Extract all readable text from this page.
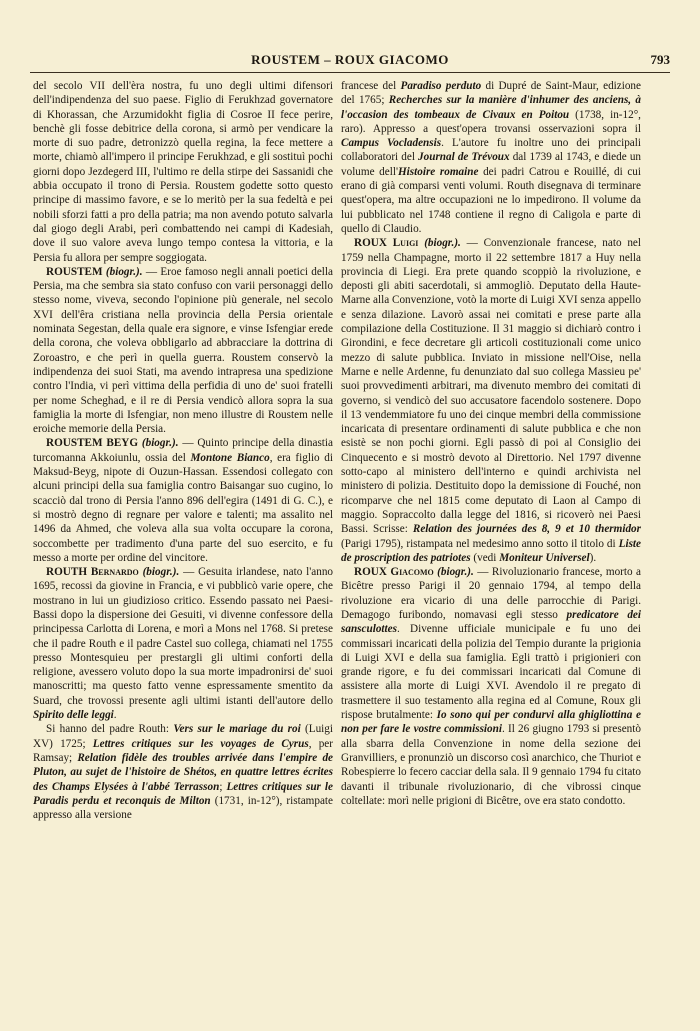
ROUSTEM – ROUX GIACOMO	793

del secolo VII dell'èra nostra, fu uno degli ultimi difensori dell'indipendenza del suo paese. Figlio di Ferukhzad governatore di Khorassan, che Arzumidokht figlia di Cosroe II fece perire, benchè gli fosse debitrice della corona, si armò per vendicare la morte di suo padre, detronizzò quella regina, la fece mettere a morte, chiamò all'impero il principe Ferukhzad, e gli sostituì pochi giorni dopo Jezdegerd III, l'ultimo re della stirpe dei Sassanidi che abbia occupato il trono di Persia. Roustem godette sotto questo principe di massimo favore, e se lo meritò per la sua fedeltà e pei nobili sforzi fatti a pro della patria; ma non avendo potuto salvarla dal giogo degli Arabi, perì combattendo nei campi di Kadesiah, dove il suo valore aveva lungo tempo contesa la vittoria, e la Persia fu allora per sempre soggiogata.

ROUSTEM (biogr.). — Eroe famoso negli annali poetici della Persia, ma che sembra sia stato confuso con varii personaggi dello stesso nome, viveva, secondo l'opinione più generale, nel secolo XVI dell'êra cristiana nella provincia della Persia orientale nominata Segestan, della quale era signore, e vinse Isfengiar erede della corona, che voleva obbligarlo ad abbracciare la dottrina di Zoroastro, e che perì in quella guerra. Roustem conservò la indipendenza dei suoi Stati, ma avendo intrapresa una spedizione contro l'India, vi perì vittima della perfidia di uno de' suoi fratelli per nome Scheghad, e il re di Persia vendicò allora sopra la sua famiglia la morte di Isfengiar, non meno illustre di Roustem nelle eroiche memorie della Persia.

ROUSTEM BEYG (biogr.). — Quinto principe della dinastia turcomanna Akkoiunlu, ossia del Montone Bianco, era figlio di Maksud-Beyg, nipote di Ouzun-Hassan. Essendosi collegato con alcuni principi della sua famiglia contro Baisangar suo cugino, lo scacciò dal trono di Persia l'anno 896 dell'egira (1491 di G. C.), e si mostrò degno di regnare per valore e talenti; ma assalito nel 1496 da Ahmed, che voleva alla sua volta occupare la corona, soccombette per tradimento d'una parte del suo esercito, e fu messo a morte per ordine del vincitore.

ROUTH Bernardo (biogr.). — Gesuita irlandese, nato l'anno 1695, recossi da giovine in Francia, e vi pubblicò varie opere, che mostrano in lui un giudizioso critico. Essendo passato nei Paesi-Bassi dopo la dispersione dei Gesuiti, vi divenne confessore della principessa Carlotta di Lorena, e morì a Mons nel 1768. Si pretese che il padre Routh e il padre Castel suo collega, chiamati nel 1755 presso Montesquieu per prestargli gli ultimi conforti della religione, avessero voluto dopo la sua morte impadronirsi de' suoi manoscritti; ma questo fatto venne espressamente smentito da Suard, che trovossi presente agli ultimi istanti dell'autore dello Spirito delle leggi.

Si hanno del padre Routh: Vers sur le mariage du roi (Luigi XV) 1725; Lettres critiques sur les voyages de Cyrus, per Ramsay; Relation fidèle des troubles arrivée dans l'empire de Pluton, au sujet de l'histoire de Shétos, en quattre lettres écrites des Champs Elysées à l'abbé Terrasson; Lettres critiques sur le Paradis perdu et reconquis de Milton (1731, in-12°), ristampate appresso alla versione

francese del Paradiso perduto di Dupré de Saint-Maur, edizione del 1765; Recherches sur la manière d'inhumer des anciens, à l'occasion des tombeaux de Civaux en Poitou (1738, in-12°, raro). Appresso a quest'opera trovansi osservazioni sopra il Campus Vocladensis. L'autore fu inoltre uno dei principali collaboratori del Journal de Trévoux dal 1739 al 1743, e diede un volume dell'Histoire romaine dei padri Catrou e Rouillé, di cui erano di già comparsi venti volumi. Routh disegnava di terminare quest'opera, ma altre occupazioni ne lo impedirono. Il volume da lui pubblicato nel 1748 contiene il regno di Caligola e parte di quello di Claudio.

ROUX Luigi (biogr.). — Convenzionale francese, nato nel 1759 nella Champagne, morto il 22 settembre 1817 a Huy nella provincia di Liegi. Era prete quando scoppiò la rivoluzione, e deposti gli abiti sacerdotali, si ammogliò. Deputato della Haute-Marne alla Convenzione, votò la morte di Luigi XVI senza appello e senza dilazione. Lavorò assai nei comitati e prese parte alla compilazione della Costituzione. Il 31 maggio si dichiarò contro i Girondini, e fece decretare gli articoli costituzionali come unico mezzo di salute pubblica. Inviato in missione nell'Oise, nella Marne e nelle Ardenne, fu denunziato dal suo collega Massieu pe' suoi provvedimenti arbitrari, ma divenuto membro dei comitati di governo, si vendicò del suo accusatore facendolo sostenere. Dopo il 13 vendemmiatore fu uno dei cinque membri della commissione incaricata di presentare ordinamenti di salute pubblica e che non esistè se non pochi giorni. Egli passò di poi al Consiglio dei Cinquecento e si mostrò devoto al Direttorio. Nel 1797 divenne sotto-capo al ministero dell'interno e quindi archivista nel ministero di polizia. Destituito dopo la demissione di Fouché, non ricomparve che nel 1815 come deputato di Laon al Campo di maggio. Sopraccolto dalla legge del 1816, si ricoverò nei Paesi Bassi. Scrisse: Relation des journées des 8, 9 et 10 thermidor (Parigi 1795), ristampata nel medesimo anno sotto il titolo di Liste de proscription des patriotes (vedi Moniteur Universel).

ROUX Giacomo (biogr.). — Rivoluzionario francese, morto a Bicêtre presso Parigi il 20 gennaio 1794, al tempo della rivoluzione era vicario di una delle parrocchie di Parigi. Demagogo furibondo, nomavasi egli stesso predicatore dei sansculottes. Divenne ufficiale municipale e fu uno dei commissari incaricati della polizia del Tempio durante la prigionia di Luigi XVI e della sua famiglia. Egli trattò i prigionieri con grande rigore, e fu dei commissari incaricati dal Comune di assistere alla morte di Luigi XVI. Avendolo il re pregato di trasmettere il suo testamento alla regina ed al Comune, Roux gli rispose brutalmente: Io sono qui per condurvi alla ghigliottina e non per fare le vostre commissioni. Il 26 giugno 1793 si presentò alla sbarra della Convenzione in nome della sezione dei Granvilliers, e pronunziò un discorso così anarchico, che Thuriot e Robespierre lo fecero cacciar della sala. Il 9 gennaio 1794 fu citato davanti il tribunale rivoluzionario, di che vibrossi cinque coltellate: morì nelle prigioni di Bicêtre, ove era stato condotto.
